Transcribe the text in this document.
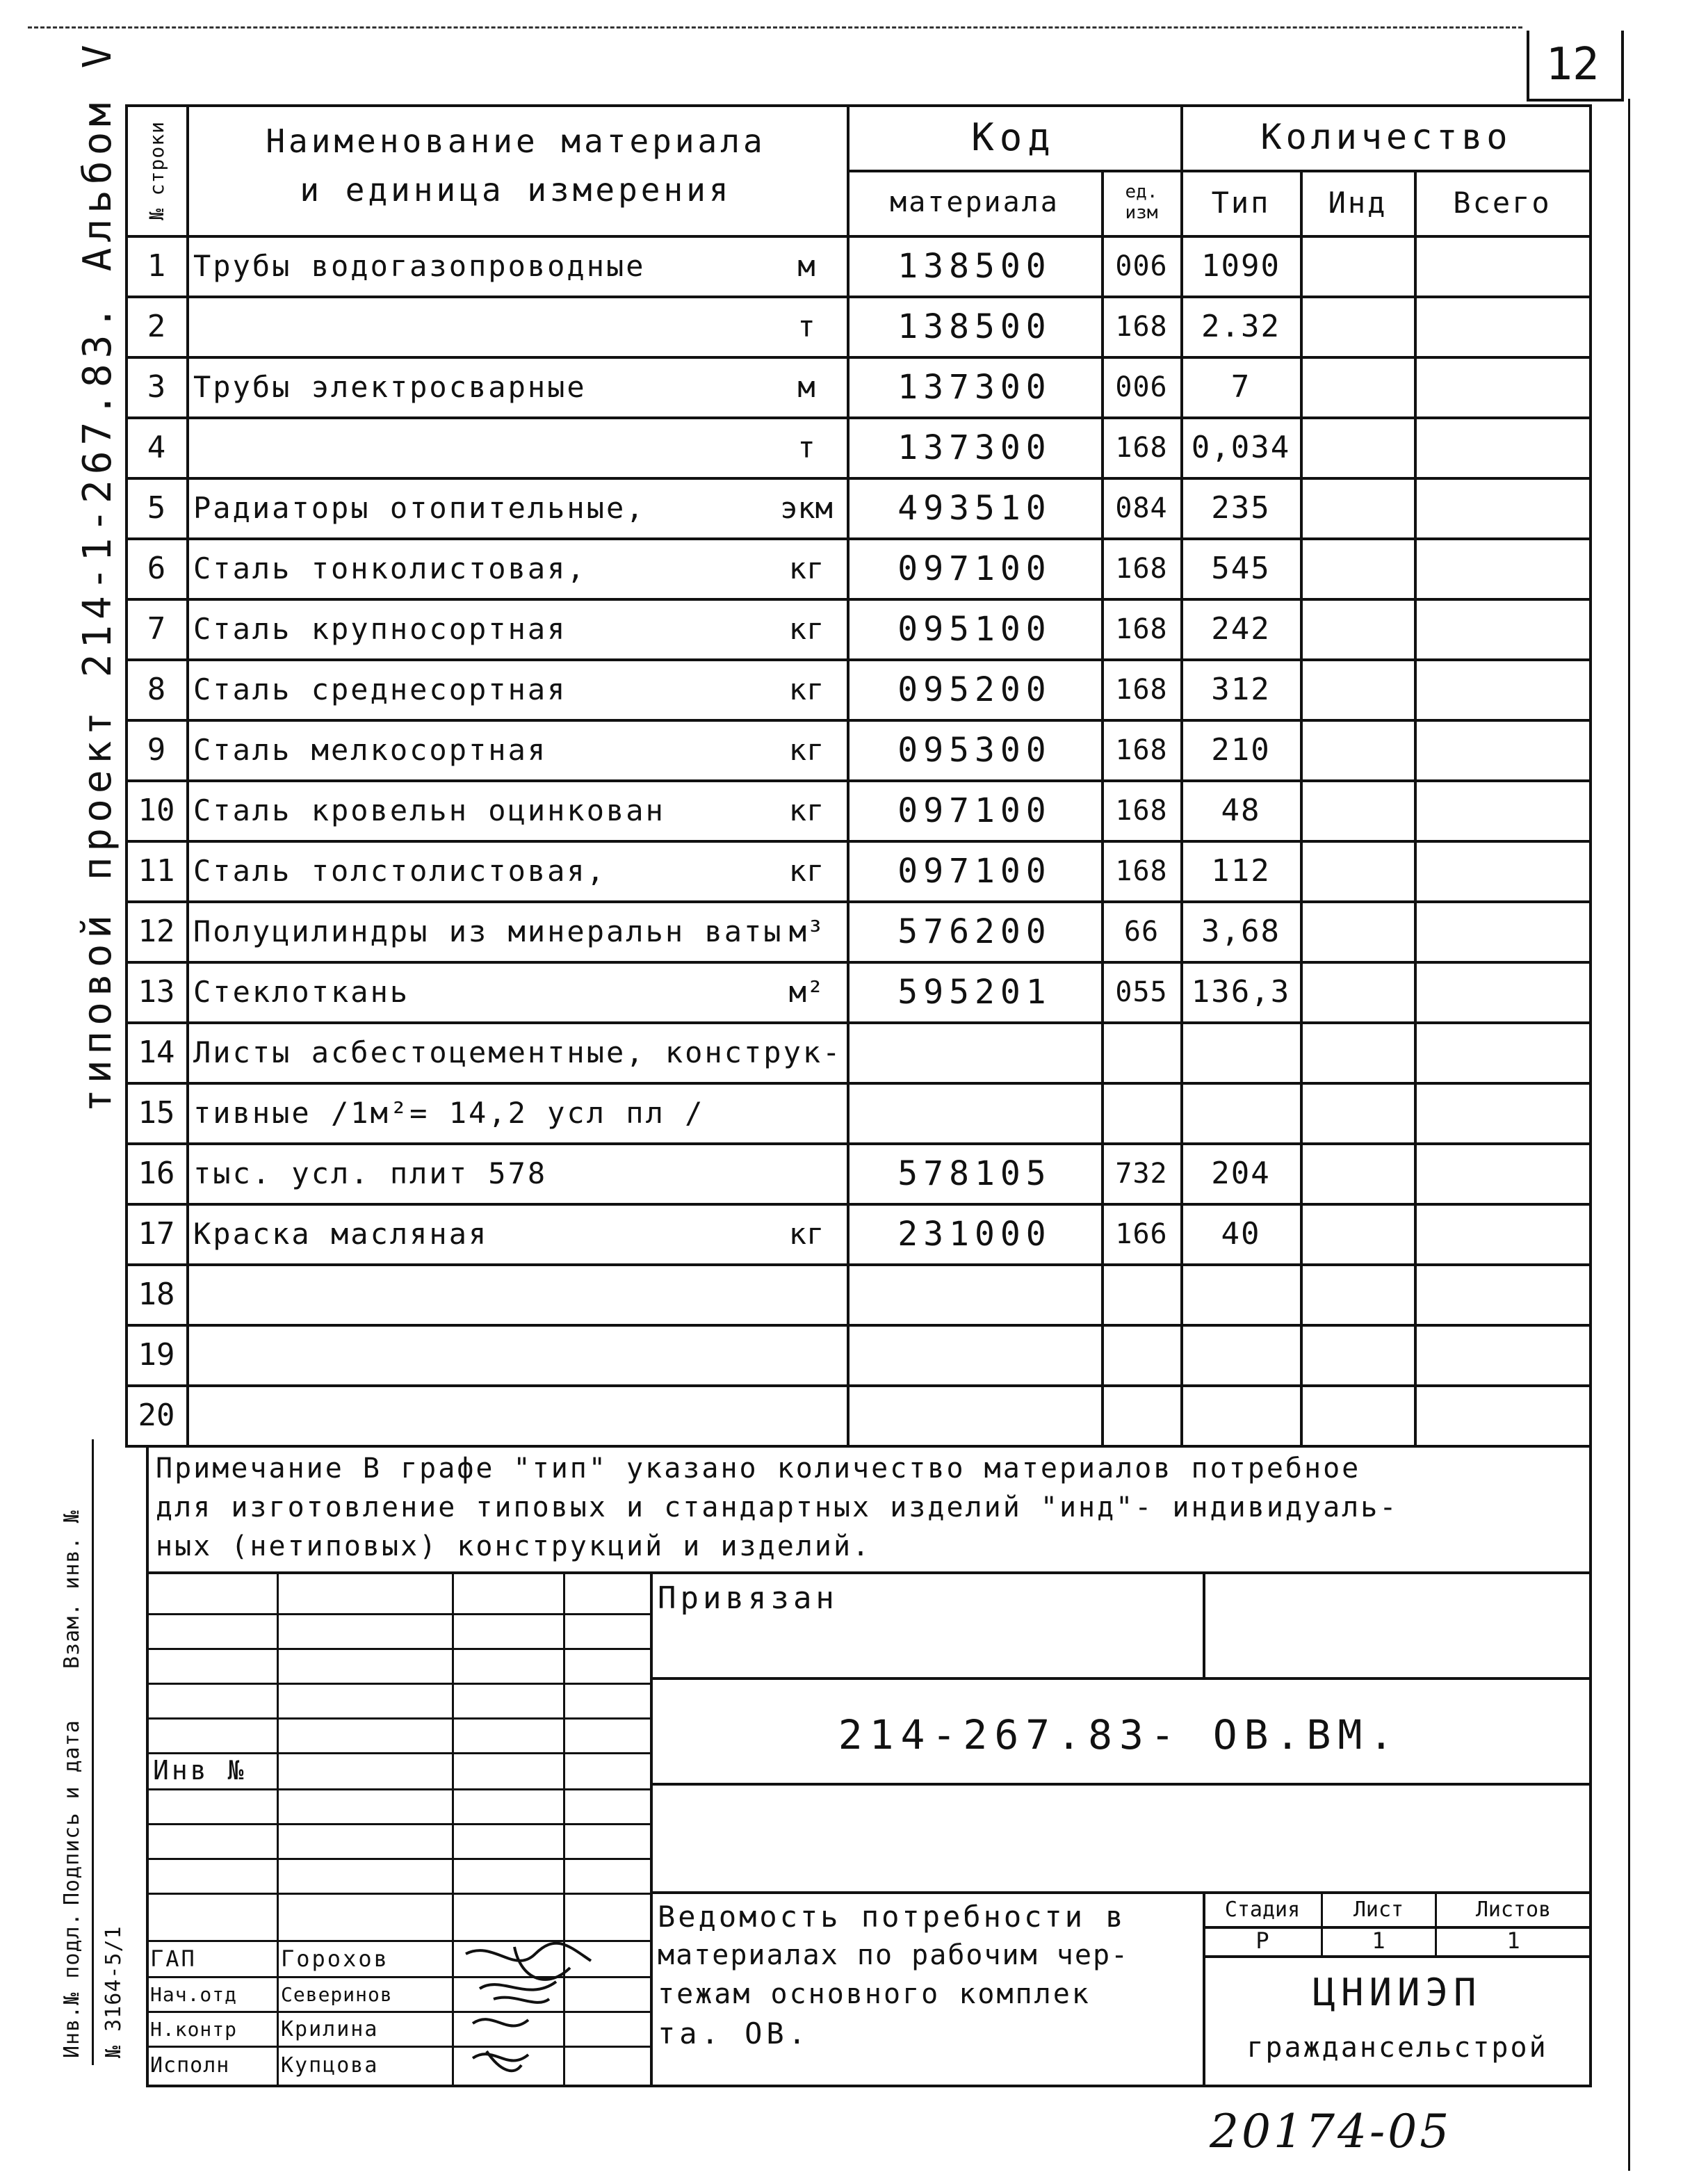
12
типовой проект 214-1-267.83. Альбом V
Взам. инв. №
Подпись и дата
Инв.№ подл. № 3164-5/1
№ строки	Наименование материала
и единица измерения
Код	Количество
материала	ед. изм	Тип	Инд	Всего
1 Трубы водогазопроводные	м	138500	006	1090
2	т	138500	168	2.32
3 Трубы электросварные	м	137300	006	7
4	т	137300	168 0,034
5 Радиаторы отопительные,	экм	493510	084	235
6 Сталь тонколистовая,	кг	097100	168	545
7 Сталь крупносортная	кг	095100	168	242
8 Сталь среднесортная	кг	095200	168	312
9 Сталь мелкосортная	кг	095300	168	210
10 Сталь кровельн оцинкован	кг	097100	168	48
11 Сталь толстолистовая,	кг	097100	168	112
12 Полуцилиндры из минеральн ваты м³	576200	66	3,68
13 Стеклоткань	м²	595201	055 136,3
14 Листы асбестоцементные, конструк-
15 тивные /1м²= 14,2 усл пл /
16 тыс. усл. плит 578	578105	732	204
17 Краска масляная	кг	231000	166	40
18
19
20
Примечание В графе "тип" указано количество материалов потребное
для изготовление типовых и стандартных изделий "инд"- индивидуаль-
ных (нетиповых) конструкций и изделий.
Привязан
214-267.83- ОВ.ВМ.
Инв №
Ведомость потребности в
материалах по рабочим чер-
тежам основного комплек
та. ОВ.
Стадия	Лист	Листов
Р	1	1
ЦНИИЭП
граждансельстрой
ГАП	Горохов
Нач.отд	Северинов
Н.контр	Крилина
Исполн	Купцова
20174-05
